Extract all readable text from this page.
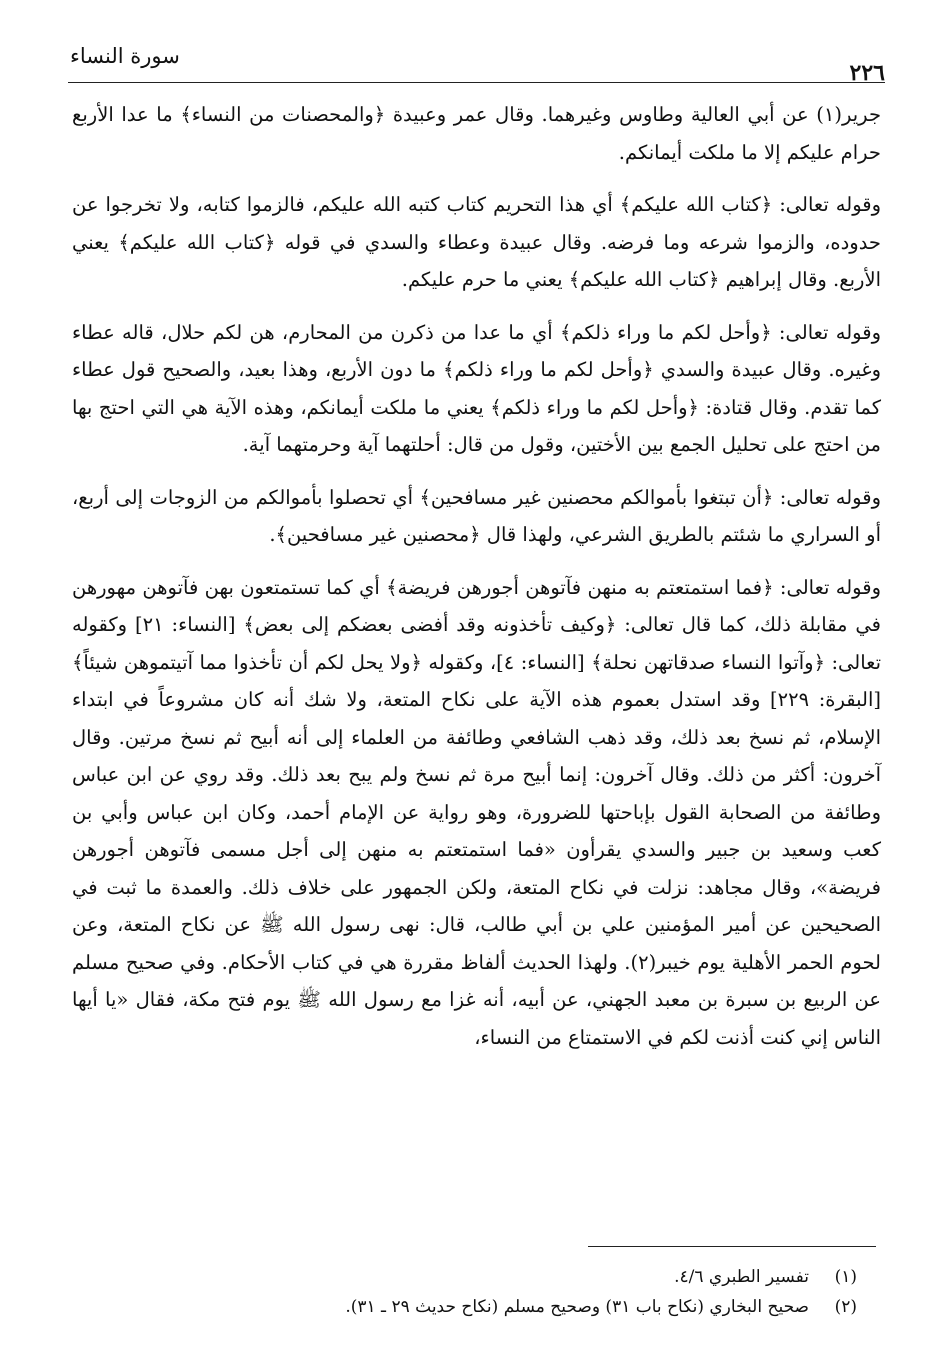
٢٢٦
سورة النساء

جرير(١) عن أبي العالية وطاوس وغيرهما. وقال عمر وعبيدة ﴿والمحصنات من النساء﴾ ما عدا الأربع حرام عليكم إلا ما ملكت أيمانكم.

وقوله تعالى: ﴿كتاب الله عليكم﴾ أي هذا التحريم كتاب كتبه الله عليكم، فالزموا كتابه، ولا تخرجوا عن حدوده، والزموا شرعه وما فرضه. وقال عبيدة وعطاء والسدي في قوله ﴿كتاب الله عليكم﴾ يعني الأربع. وقال إبراهيم ﴿كتاب الله عليكم﴾ يعني ما حرم عليكم.

وقوله تعالى: ﴿وأحل لكم ما وراء ذلكم﴾ أي ما عدا من ذكرن من المحارم، هن لكم حلال، قاله عطاء وغيره. وقال عبيدة والسدي ﴿وأحل لكم ما وراء ذلكم﴾ ما دون الأربع، وهذا بعيد، والصحيح قول عطاء كما تقدم. وقال قتادة: ﴿وأحل لكم ما وراء ذلكم﴾ يعني ما ملكت أيمانكم، وهذه الآية هي التي احتج بها من احتج على تحليل الجمع بين الأختين، وقول من قال: أحلتهما آية وحرمتهما آية.

وقوله تعالى: ﴿أن تبتغوا بأموالكم محصنين غير مسافحين﴾ أي تحصلوا بأموالكم من الزوجات إلى أربع، أو السراري ما شئتم بالطريق الشرعي، ولهذا قال ﴿محصنين غير مسافحين﴾.

وقوله تعالى: ﴿فما استمتعتم به منهن فآتوهن أجورهن فريضة﴾ أي كما تستمتعون بهن فآتوهن مهورهن في مقابلة ذلك، كما قال تعالى: ﴿وكيف تأخذونه وقد أفضى بعضكم إلى بعض﴾ [النساء: ٢١] وكقوله تعالى: ﴿وآتوا النساء صدقاتهن نحلة﴾ [النساء: ٤]، وكقوله ﴿ولا يحل لكم أن تأخذوا مما آتيتموهن شيئاً﴾ [البقرة: ٢٢٩] وقد استدل بعموم هذه الآية على نكاح المتعة، ولا شك أنه كان مشروعاً في ابتداء الإسلام، ثم نسخ بعد ذلك، وقد ذهب الشافعي وطائفة من العلماء إلى أنه أبيح ثم نسخ مرتين. وقال آخرون: أكثر من ذلك. وقال آخرون: إنما أبيح مرة ثم نسخ ولم يبح بعد ذلك. وقد روي عن ابن عباس وطائفة من الصحابة القول بإباحتها للضرورة، وهو رواية عن الإمام أحمد، وكان ابن عباس وأبي بن كعب وسعيد بن جبير والسدي يقرأون «فما استمتعتم به منهن إلى أجل مسمى فآتوهن أجورهن فريضة»، وقال مجاهد: نزلت في نكاح المتعة، ولكن الجمهور على خلاف ذلك. والعمدة ما ثبت في الصحيحين عن أمير المؤمنين علي بن أبي طالب، قال: نهى رسول الله ﷺ عن نكاح المتعة، وعن لحوم الحمر الأهلية يوم خيبر(٢). ولهذا الحديث ألفاظ مقررة هي في كتاب الأحكام. وفي صحيح مسلم عن الربيع بن سبرة بن معبد الجهني، عن أبيه، أنه غزا مع رسول الله ﷺ يوم فتح مكة، فقال «يا أيها الناس إني كنت أذنت لكم في الاستمتاع من النساء،

(١)
تفسير الطبري ٤/٦.
(٢)
صحيح البخاري (نكاح باب ٣١) وصحيح مسلم (نكاح حديث ٢٩ ـ ٣١).
